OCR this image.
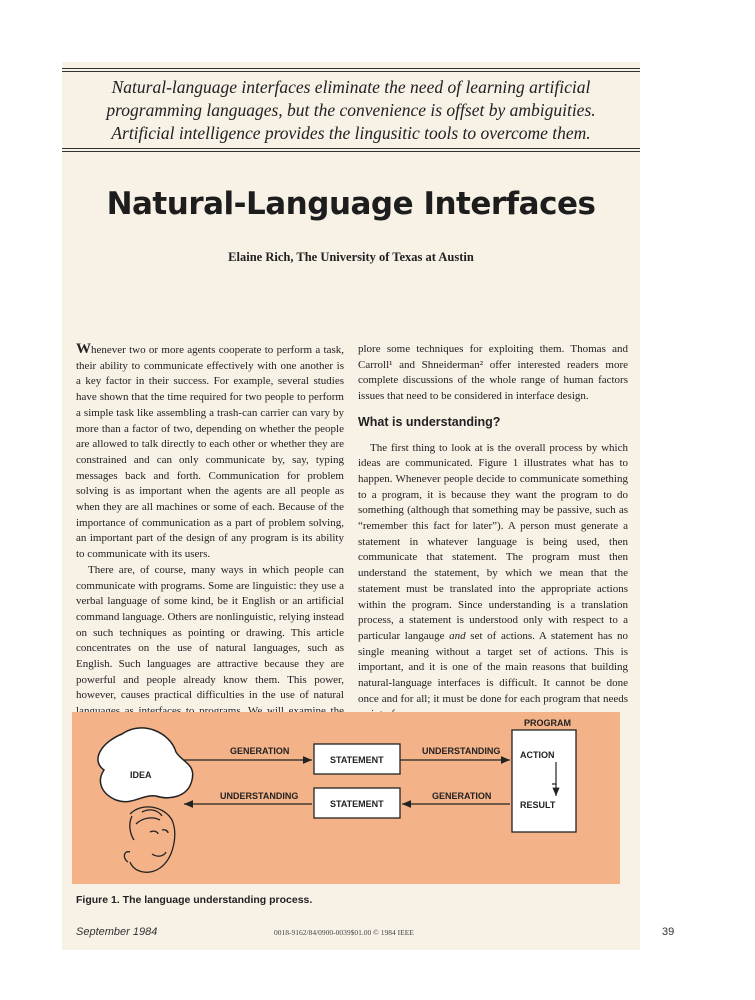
Natural-language interfaces eliminate the need of learning artificial
programming languages, but the convenience is offset by ambiguities.
Artificial intelligence provides the lingusitic tools to overcome them.
Natural-Language Interfaces
Elaine Rich, The University of Texas at Austin

Whenever two or more agents cooperate to perform a task, their ability to communicate effectively with one another is a key factor in their success. For example, several studies have shown that the time required for two people to perform a simple task like assembling a trash-can carrier can vary by more than a factor of two, depending on whether the people are allowed to talk directly to each other or whether they are constrained and can only communicate by, say, typing messages back and forth. Communication for problem solving is as important when the agents are all people as when they are all machines or some of each. Because of the importance of communication as a part of problem solving, an important part of the design of any program is its ability to communicate with its users.

There are, of course, many ways in which people can communicate with programs. Some are linguistic: they use a verbal language of some kind, be it English or an artificial command language. Others are nonlinguistic, relying instead on such techniques as pointing or drawing. This article concentrates on the use of natural languages, such as English. Such languages are attractive because they are powerful and people already know them. This power, however, causes practical difficulties in the use of natural

plore some techniques for exploiting them. Thomas and Carroll¹ and Shneiderman² offer interested readers more complete discussions of the whole range of human factors issues that need to be considered in interface design.

What is understanding?

The first thing to look at is the overall process by which ideas are communicated. Figure 1 illustrates what has to happen. Whenever people decide to communicate something to a program, it is because they want the program to do something (although that something may be passive, such as “remember this fact for later”). A person must generate a statement in whatever language is being used, then communicate that statement. The program must then understand the statement, by which we mean that the statement must be translated into the appropriate actions within the program. Since understanding is a translation process, a statement is understood only with respect to a particular langauge and set of actions. A statement has no single meaning without a target set of actions. This is important, and it is one of the main reasons that building natural-language interfaces is difficult. It cannot be done once and for all; it must be done for each program that needs

IDEA
GENERATION
UNDERSTANDING
STATEMENT
STATEMENT
UNDERSTANDING
GENERATION
PROGRAM
ACTION
RESULT
Figure 1. The language understanding process.
September 1984	0018-9162/84/0900-0039$01.00 © 1984 IEEE	39
